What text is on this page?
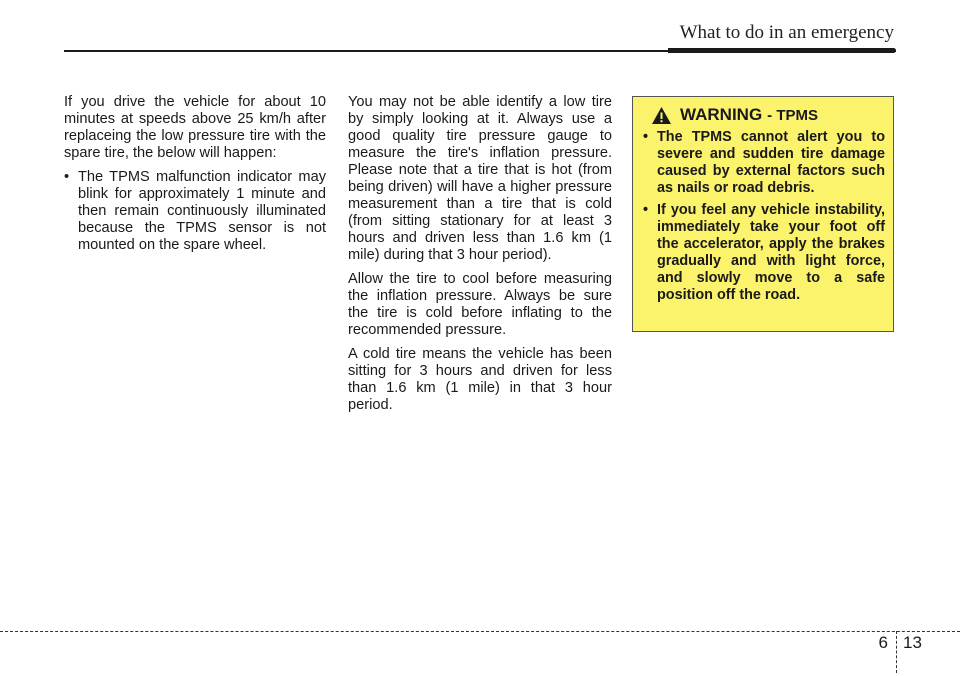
What to do in an emergency

If you drive the vehicle for about 10 minutes at speeds above 25 km/h after replaceing the low pressure tire with the spare tire, the below will happen:

• The TPMS malfunction indicator may blink for approximately 1 minute and then remain continuously illuminated because the TPMS sensor is not mounted on the spare wheel.

You may not be able identify a low tire by simply looking at it. Always use a good quality tire pressure gauge to measure the tire's inflation pressure. Please note that a tire that is hot (from being driven) will have a higher pressure measurement than a tire that is cold (from sitting stationary for at least 3 hours and driven less than 1.6 km (1 mile) during that 3 hour period).

Allow the tire to cool before measuring the inflation pressure. Always be sure the tire is cold before inflating to the recommended pressure.

A cold tire means the vehicle has been sitting for 3 hours and driven for less than 1.6 km (1 mile) in that 3 hour period.

WARNING - TPMS
• The TPMS cannot alert you to severe and sudden tire damage caused by external factors such as nails or road debris.
• If you feel any vehicle instability, immediately take your foot off the accelerator, apply the brakes gradually and with light force, and slowly move to a safe position off the road.
6 13
